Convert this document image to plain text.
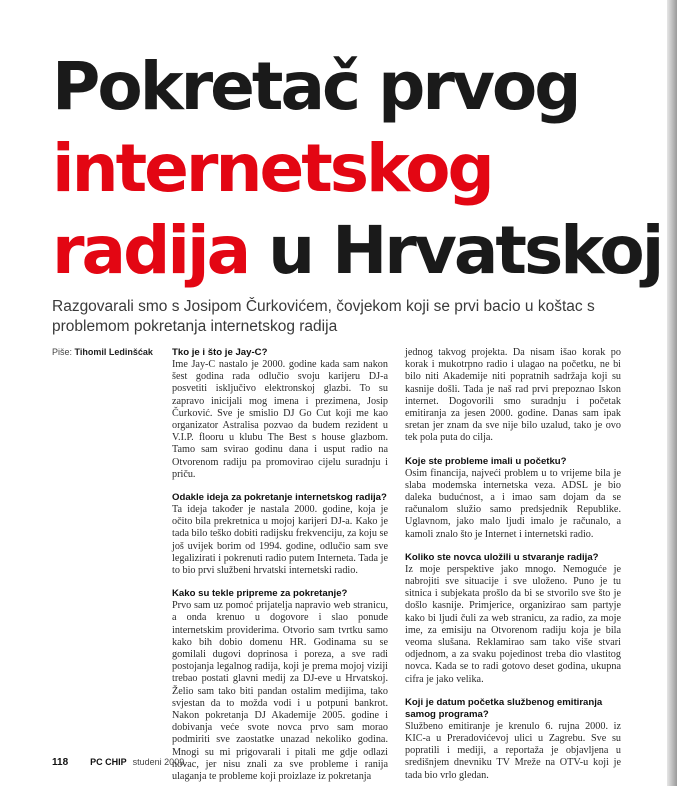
Pokretač prvog
internetskog
radija u Hrvatskoj

Razgovarali smo s Josipom Čurkovićem, čovjekom koji se prvi bacio u koštac s problemom pokretanja internetskog radija

Piše: Tihomil Ledinšćak	Tko je i što je Jay-C?

Ime Jay-C nastalo je 2000. godine kada sam nakon šest godina rada odlučio svoju karijeru DJ-a posvetiti isključivo elektronskoj glazbi. To su zapravo inicijali mog imena i prezimena, Josip Čurković. Sve je smislio DJ Go Cut koji me kao organizator Astralisa pozvao da budem rezident u V.I.P. flooru u klubu The Best s house glazbom. Tamo sam svirao godinu dana i usput radio na Otvorenom radiju pa promovirao cijelu suradnju i priču.

Odakle ideja za pokretanje internetskog radija?

Ta ideja također je nastala 2000. godine, koja je očito bila prekretnica u mojoj karijeri DJ-a. Kako je tada bilo teško dobiti radijsku frekvenciju, za koju se još uvijek borim od 1994. godine, odlučio sam sve legalizirati i pokrenuti radio putem Interneta. Tada je to bio prvi službeni hrvatski internetski radio.

Kako su tekle pripreme za pokretanje?

Prvo sam uz pomoć prijatelja napravio web stranicu, a onda krenuo u dogovore i slao ponude internetskim providerima. Otvorio sam tvrtku samo kako bih dobio domenu HR. Godinama su se gomilali dugovi doprinosa i poreza, a sve radi postojanja legalnog radija, koji je prema mojoj viziji trebao postati glavni medij za DJ-eve u Hrvatskoj. Želio sam tako biti pandan ostalim medijima, tako svjestan da to možda vodi i u potpuni bankrot. Nakon pokretanja DJ Akademije 2005. godine i dobivanja veće svote novca prvo sam morao podmiriti sve zaostatke unazad nekoliko godina. Mnogi su mi prigovarali i pitali me gdje odlazi novac, jer nisu znali za sve probleme i ranija ulaganja te probleme koji proizlaze iz pokretanja

jednog takvog projekta. Da nisam išao korak po korak i mukotrpno radio i ulagao na početku, ne bi bilo niti Akademije niti popratnih sadržaja koji su kasnije došli. Tada je naš rad prvi prepoznao Iskon internet. Dogovorili smo suradnju i početak emitiranja za jesen 2000. godine. Danas sam ipak sretan jer znam da sve nije bilo uzalud, tako je ovo tek pola puta do cilja.

Koje ste probleme imali u početku?

Osim financija, najveći problem u to vrijeme bila je slaba modemska internetska veza. ADSL je bio daleka budućnost, a i imao sam dojam da se računalom služio samo predsjednik Republike. Uglavnom, jako malo ljudi imalo je računalo, a kamoli znalo što je Internet i internetski radio.

Koliko ste novca uložili u stvaranje radija?

Iz moje perspektive jako mnogo. Nemoguće je nabrojiti sve situacije i sve uloženo. Puno je tu sitnica i subjekata prošlo da bi se stvorilo sve što je došlo kasnije. Primjerice, organizirao sam partyje kako bi ljudi čuli za web stranicu, za radio, za moje ime, za emisiju na Otvorenom radiju koja je bila veoma slušana. Reklamirao sam tako više stvari odjednom, a za svaku pojedinost treba dio vlastitog novca. Kada se to radi gotovo deset godina, ukupna cifra je jako velika.

Koji je datum početka službenog emitiranja samog programa?

Službeno emitiranje je krenulo 6. rujna 2000. iz KIC-a u Preradovićevoj ulici u Zagrebu. Sve su popratili i mediji, a reportaža je objavljena u središnjem dnevniku TV Mreže na OTV-u koji je tada bio vrlo gledan.

118 PC CHIP studeni 2009.
